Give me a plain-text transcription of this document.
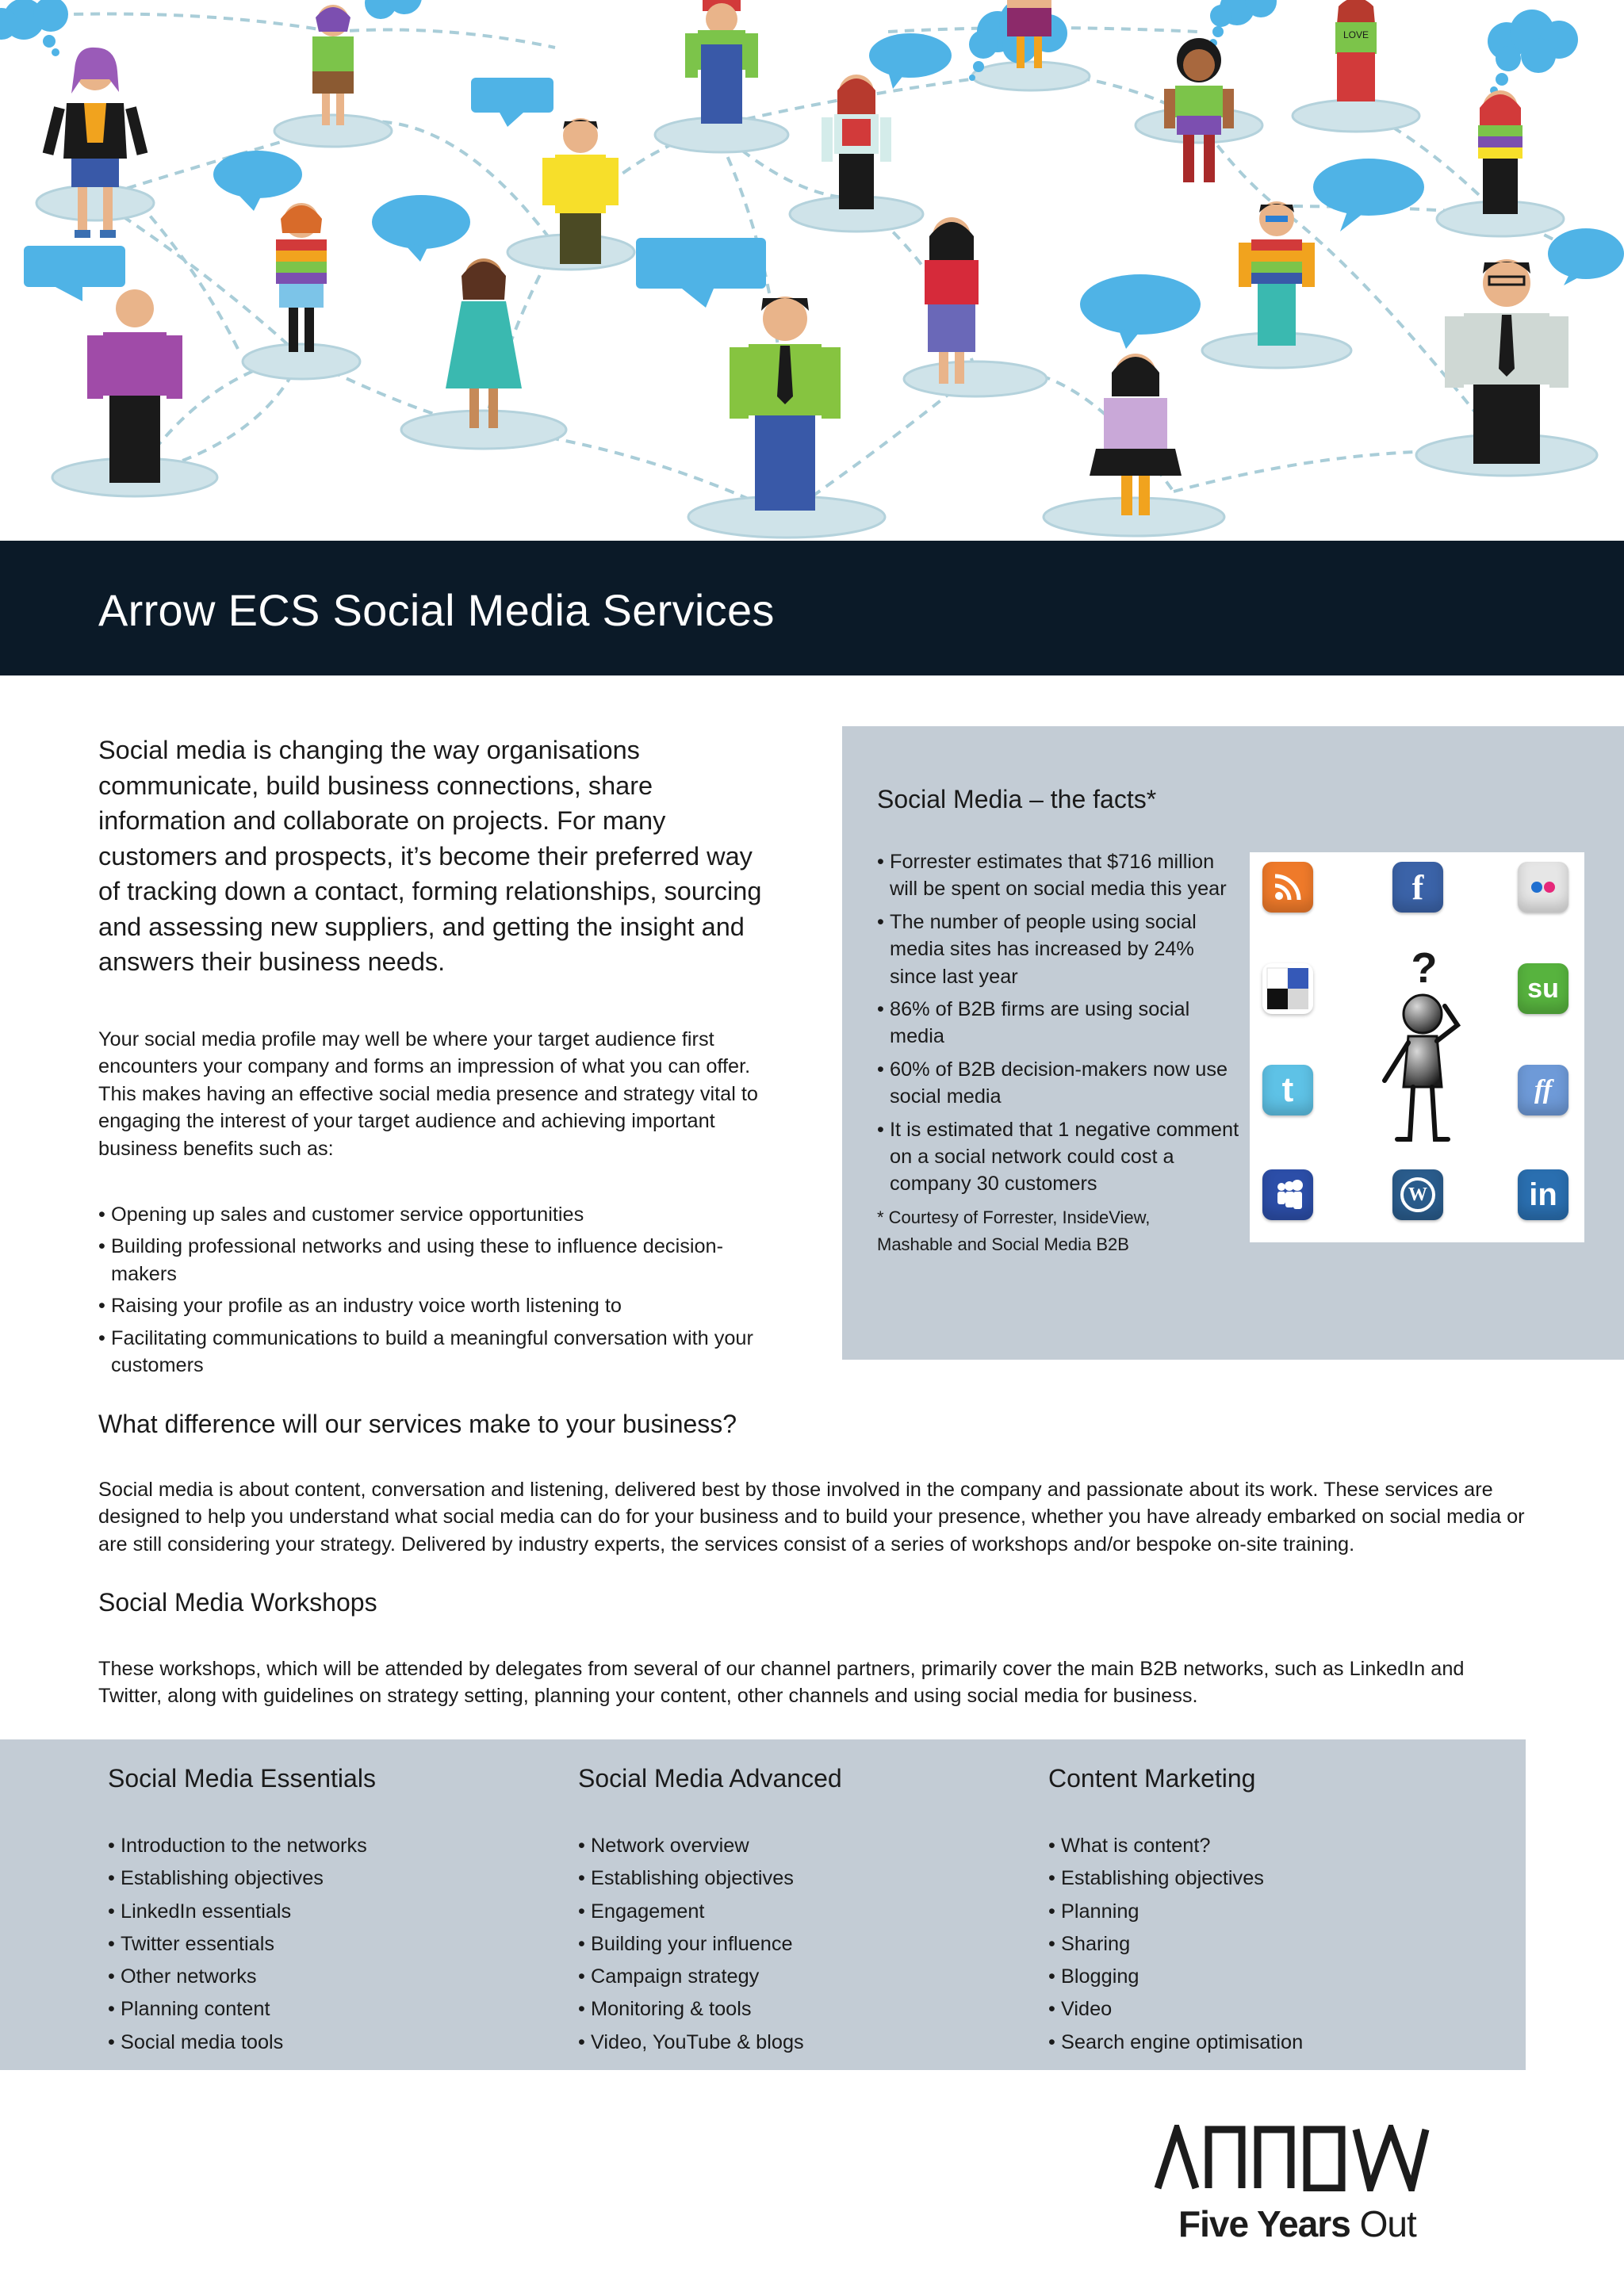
LOVE
Arrow ECS Social Media Services

Social media is changing the way organisations communicate, build business connections, share information and collaborate on projects. For many customers and prospects, it’s become their preferred way of tracking down a contact, forming relationships, sourcing and assessing new suppliers, and getting the insight and answers their business needs.

Your social media profile may well be where your target audience first encounters your company and forms an impression of what you can offer. This makes having an effective social media presence and strategy vital to engaging the interest of your target audience and achieving important business benefits such as:

• Opening up sales and customer service opportunities
• Building professional networks and using these to influence decision-makers
• Raising your profile as an industry voice worth listening to
• Facilitating communications to build a meaningful conversation with your customers
Social Media – the facts*
• Forrester estimates that $716 million will be spent on social media this year
• The number of people using social media sites has increased by 24% since last year
• 86% of B2B firms are using social media
• 60% of B2B decision-makers now use social media
• It is estimated that 1 negative comment on a social network could cost a company 30 customers

* Courtesy of Forrester, InsideView, Mashable and Social Media B2B

f
su
?
t	ff
W	in
What difference will our services make to your business?

Social media is about content, conversation and listening, delivered best by those involved in the company and passionate about its work. These services are designed to help you understand what social media can do for your business and to build your presence, whether you have already embarked on social media or are still considering your strategy. Delivered by industry experts, the services consist of a series of workshops and/or bespoke on-site training.

Social Media Workshops

These workshops, which will be attended by delegates from several of our channel partners, primarily cover the main B2B networks, such as LinkedIn and Twitter, along with guidelines on strategy setting, planning your content, other channels and using social media for business.

Social Media Essentials
• Introduction to the networks
• Establishing objectives
• LinkedIn essentials
• Twitter essentials
• Other networks
• Planning content
• Social media tools
Social Media Advanced
• Network overview
• Establishing objectives
• Engagement
• Building your influence
• Campaign strategy
• Monitoring & tools
• Video, YouTube & blogs
Content Marketing
• What is content?
• Establishing objectives
• Planning
• Sharing
• Blogging
• Video
• Search engine optimisation

Five Years Out
